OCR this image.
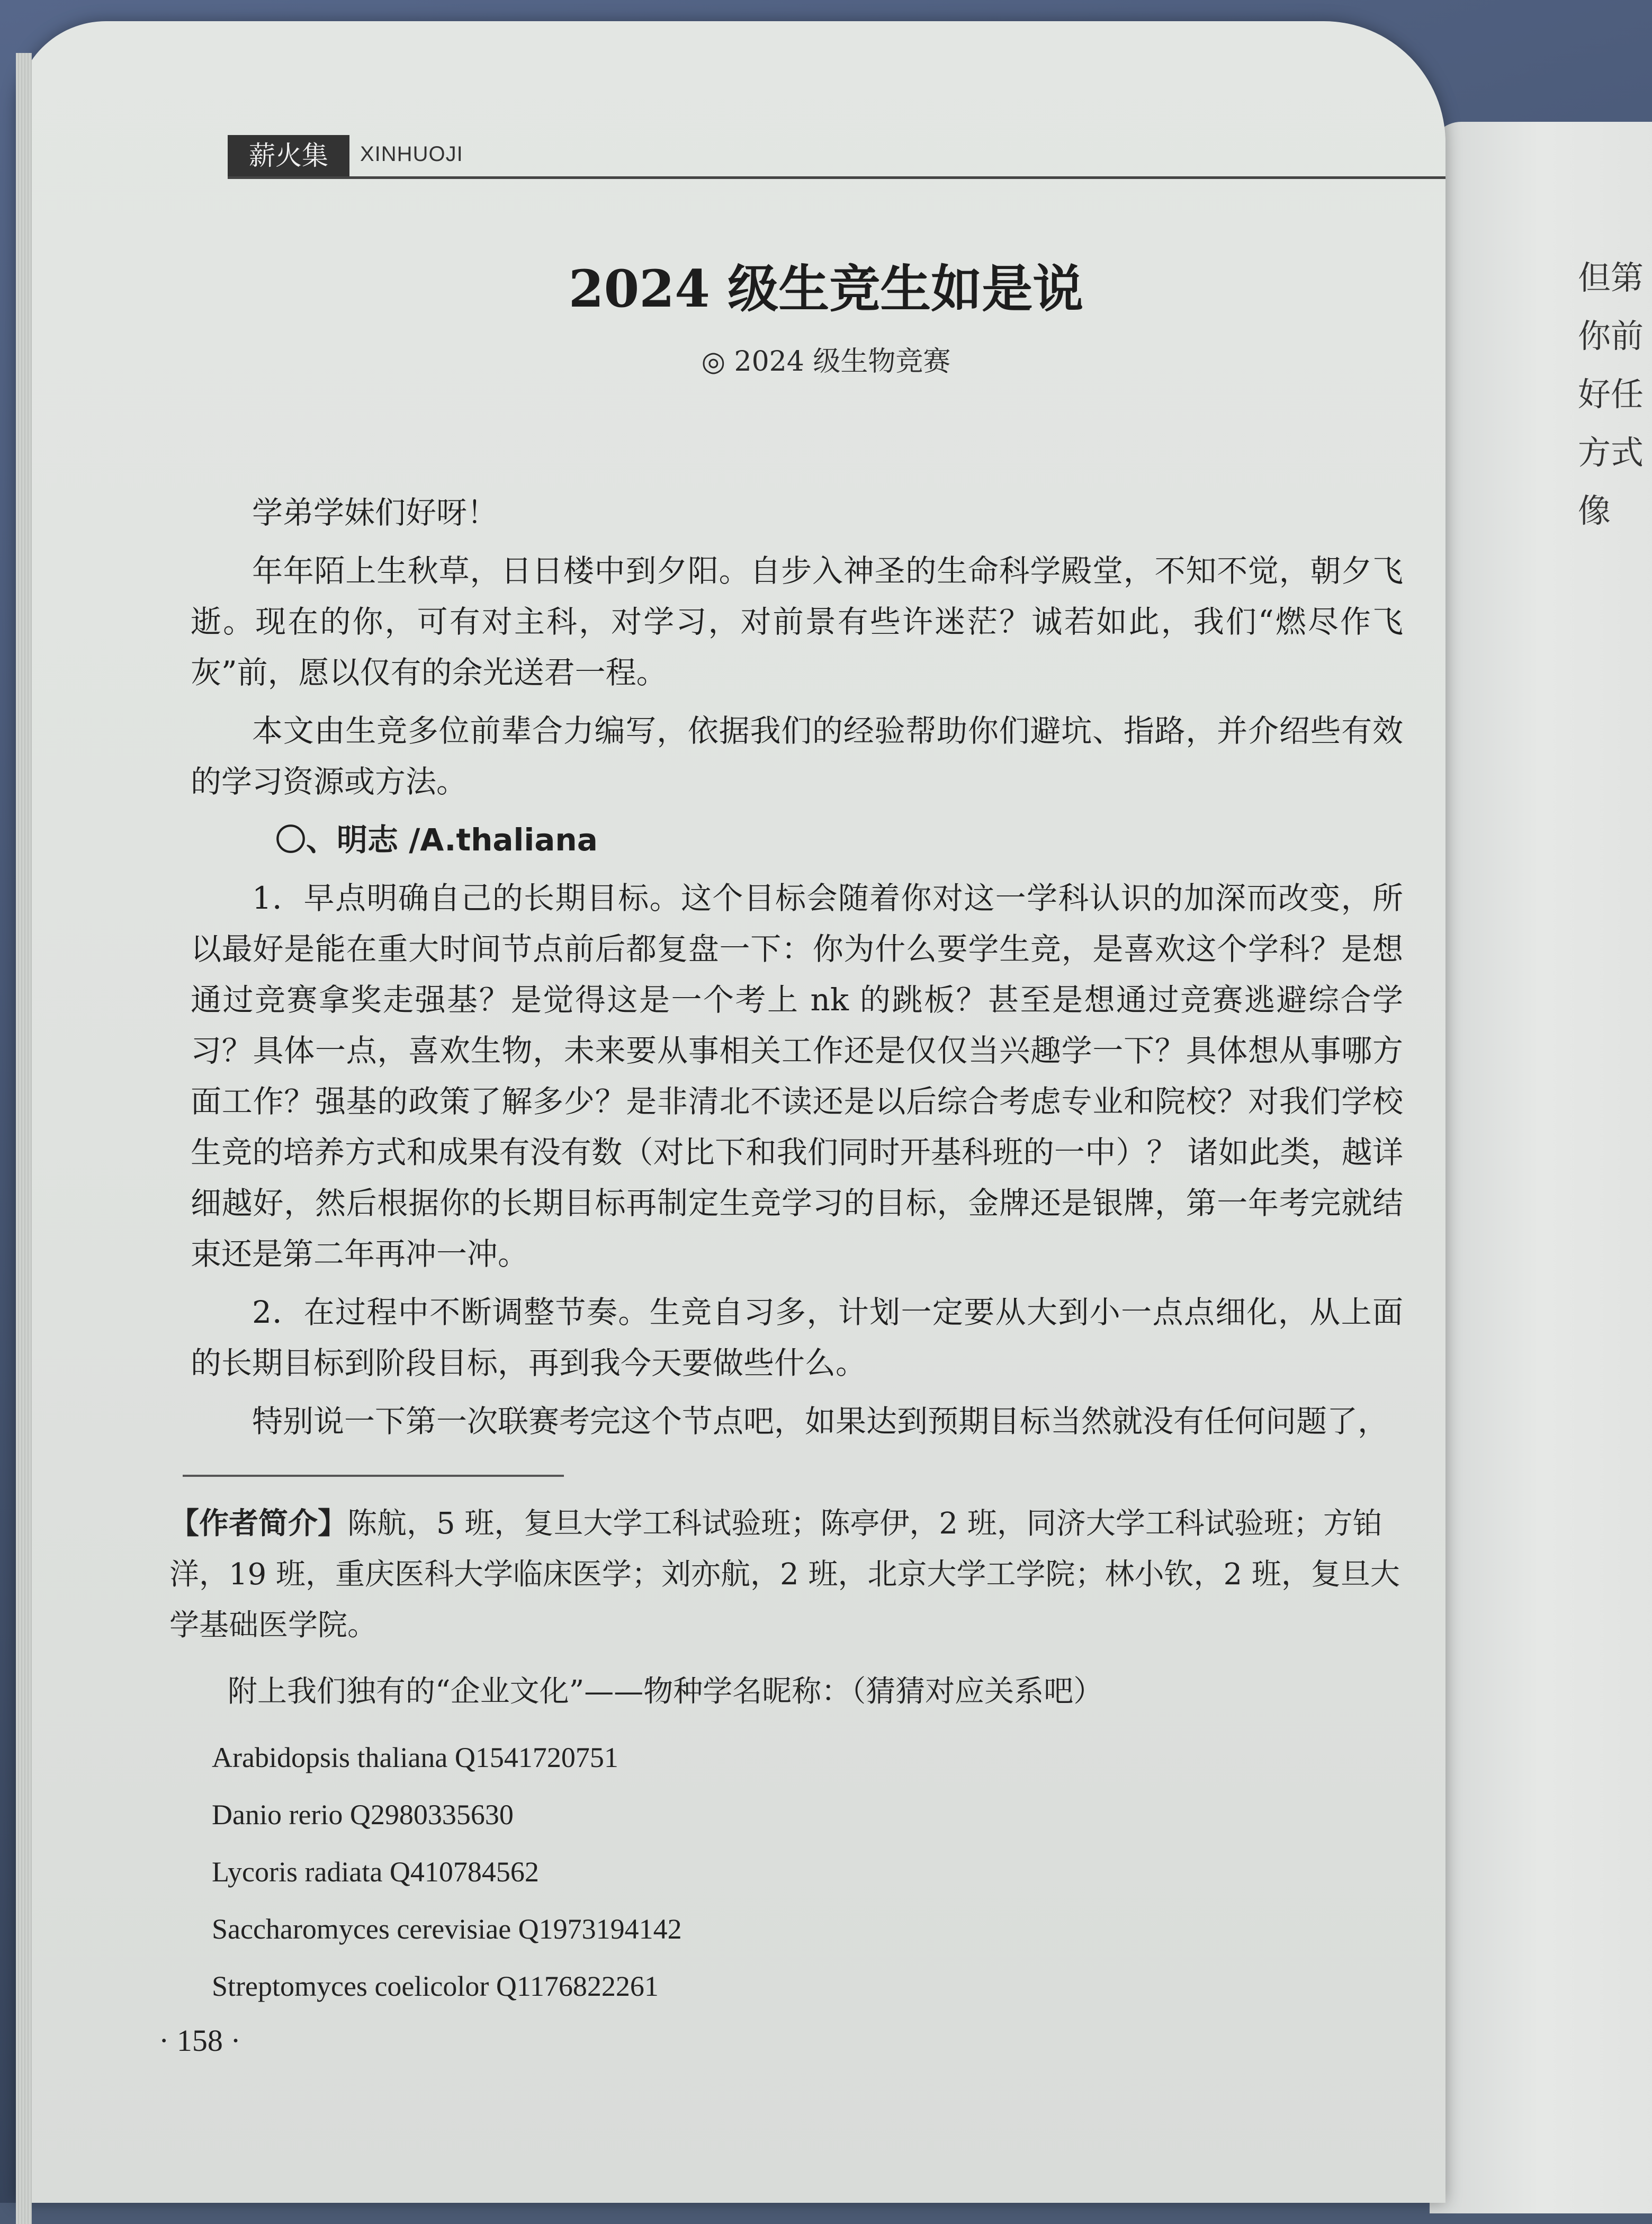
但第
你前
好任
方式
像
薪火集	XINHUOJI
2024 级生竞生如是说
◎ 2024 级生物竞赛

学弟学妹们好呀！

年年陌上生秋草，日日楼中到夕阳。自步入神圣的生命科学殿堂，不知不觉，朝夕飞逝。现在的你，可有对主科，对学习，对前景有些许迷茫？诚若如此，我们“燃尽作飞灰”前，愿以仅有的余光送君一程。

本文由生竞多位前辈合力编写，依据我们的经验帮助你们避坑、指路，并介绍些有效的学习资源或方法。

〇、明志 /A.thaliana

1．早点明确自己的长期目标。这个目标会随着你对这一学科认识的加深而改变，所以最好是能在重大时间节点前后都复盘一下：你为什么要学生竞，是喜欢这个学科？是想通过竞赛拿奖走强基？是觉得这是一个考上 nk 的跳板？甚至是想通过竞赛逃避综合学习？具体一点，喜欢生物，未来要从事相关工作还是仅仅当兴趣学一下？具体想从事哪方面工作？强基的政策了解多少？是非清北不读还是以后综合考虑专业和院校？对我们学校生竞的培养方式和成果有没有数（对比下和我们同时开基科班的一中）？ 诸如此类，越详细越好，然后根据你的长期目标再制定生竞学习的目标，金牌还是银牌，第一年考完就结束还是第二年再冲一冲。

2．在过程中不断调整节奏。生竞自习多，计划一定要从大到小一点点细化，从上面的长期目标到阶段目标，再到我今天要做些什么。

特别说一下第一次联赛考完这个节点吧，如果达到预期目标当然就没有任何问题了，

【作者简介】陈航，5 班，复旦大学工科试验班；陈亭伊，2 班，同济大学工科试验班；方铂洋，19 班，重庆医科大学临床医学；刘亦航，2 班，北京大学工学院；林小钦，2 班，复旦大学基础医学院。
附上我们独有的“企业文化”——物种学名昵称：（猜猜对应关系吧）
Arabidopsis thaliana Q1541720751
Danio rerio Q2980335630
Lycoris radiata Q410784562
Saccharomyces cerevisiae Q1973194142
Streptomyces coelicolor Q1176822261
· 158 ·
